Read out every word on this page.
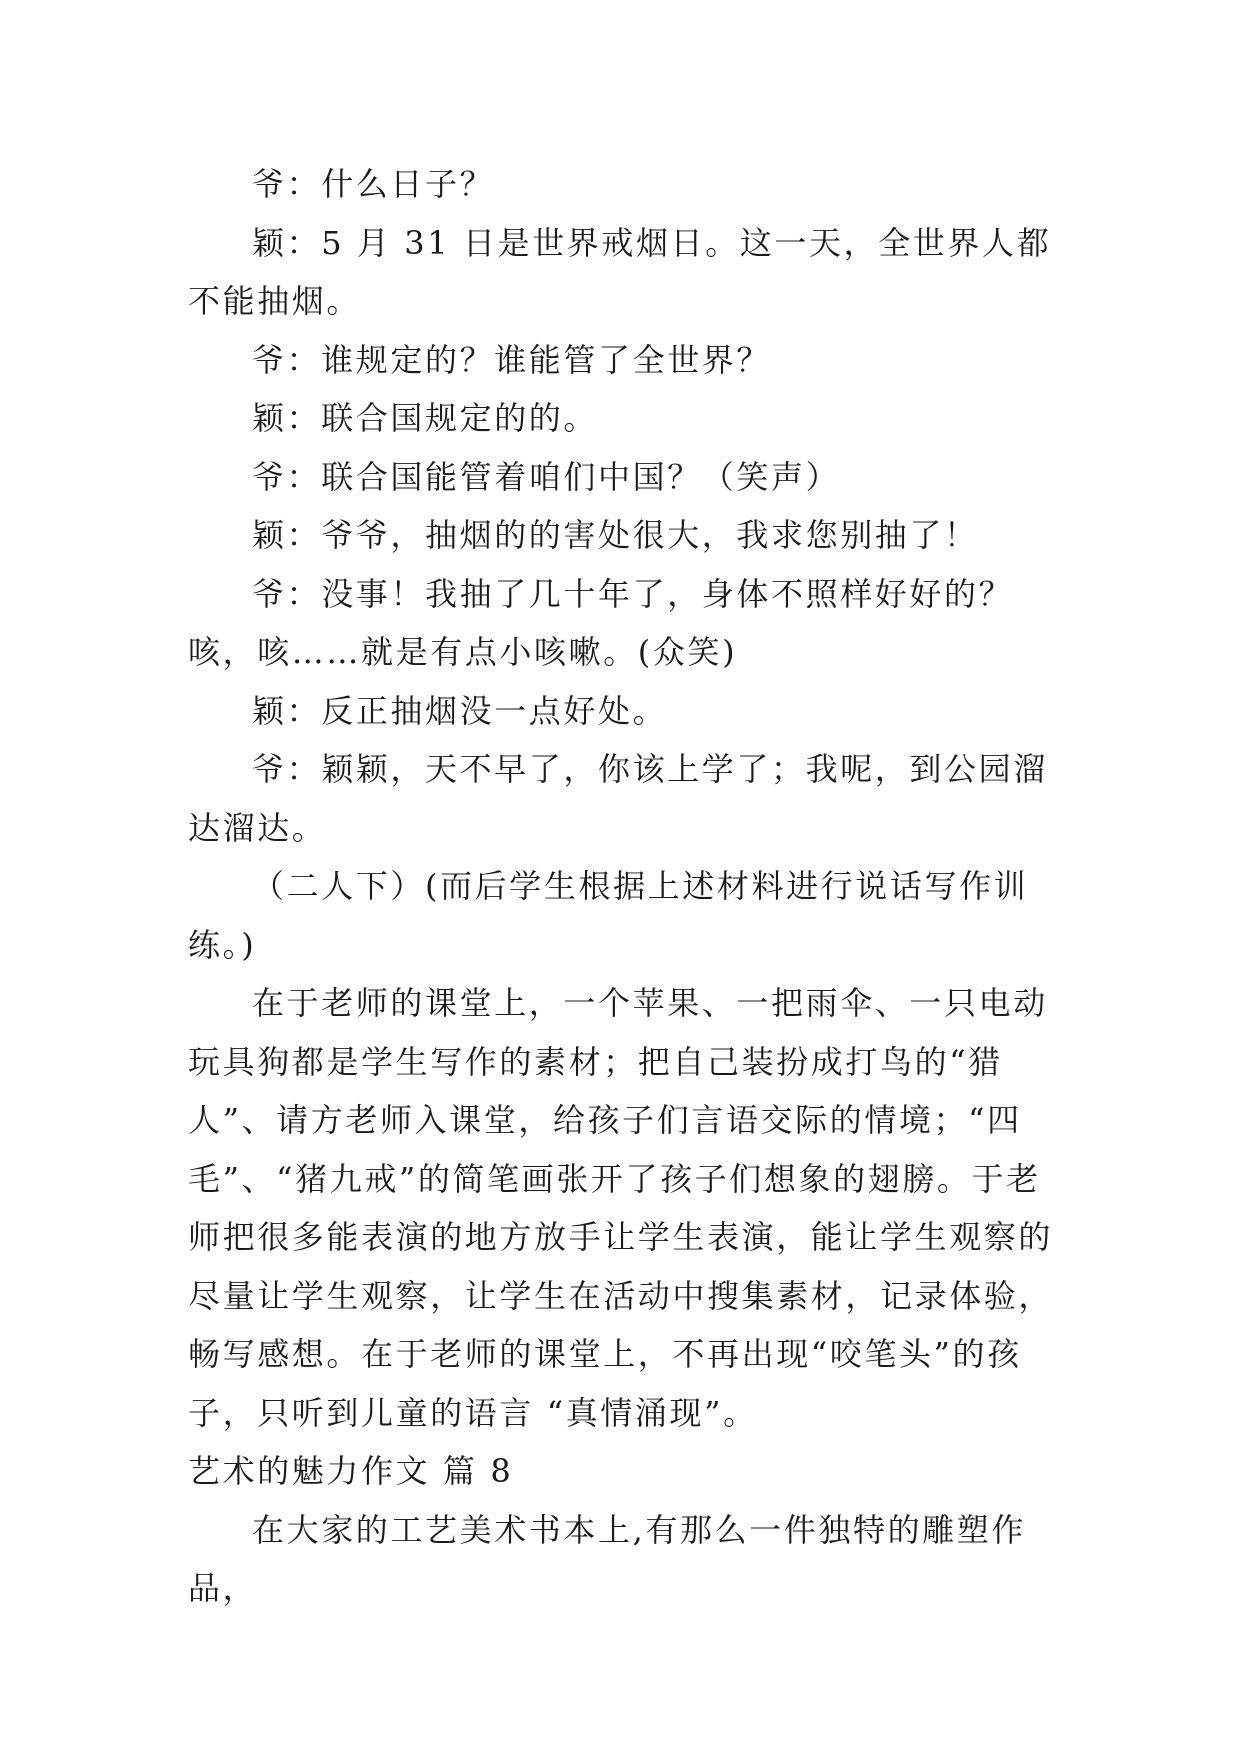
爷：什么日子？

颖：5 月 31 日是世界戒烟日。这一天，全世界人都不能抽烟。

爷：谁规定的？谁能管了全世界？

颖：联合国规定的的。

爷：联合国能管着咱们中国？（笑声）

颖：爷爷，抽烟的的害处很大，我求您别抽了！

爷：没事！我抽了几十年了，身体不照样好好的？咳，咳……就是有点小咳嗽。(众笑)

颖：反正抽烟没一点好处。

爷：颖颖，天不早了，你该上学了；我呢，到公园溜达溜达。

（二人下）(而后学生根据上述材料进行说话写作训练。)

在于老师的课堂上，一个苹果、一把雨伞、一只电动玩具狗都是学生写作的素材；把自己装扮成打鸟的“猎人”、请方老师入课堂，给孩子们言语交际的情境；“四毛”、“猪九戒”的简笔画张开了孩子们想象的翅膀。于老师把很多能表演的地方放手让学生表演，能让学生观察的尽量让学生观察，让学生在活动中搜集素材，记录体验，畅写感想。在于老师的课堂上，不再出现“咬笔头”的孩子，只听到儿童的语言 “真情涌现”。

艺术的魅力作文 篇 8

在大家的工艺美术书本上,有那么一件独特的雕塑作品，
